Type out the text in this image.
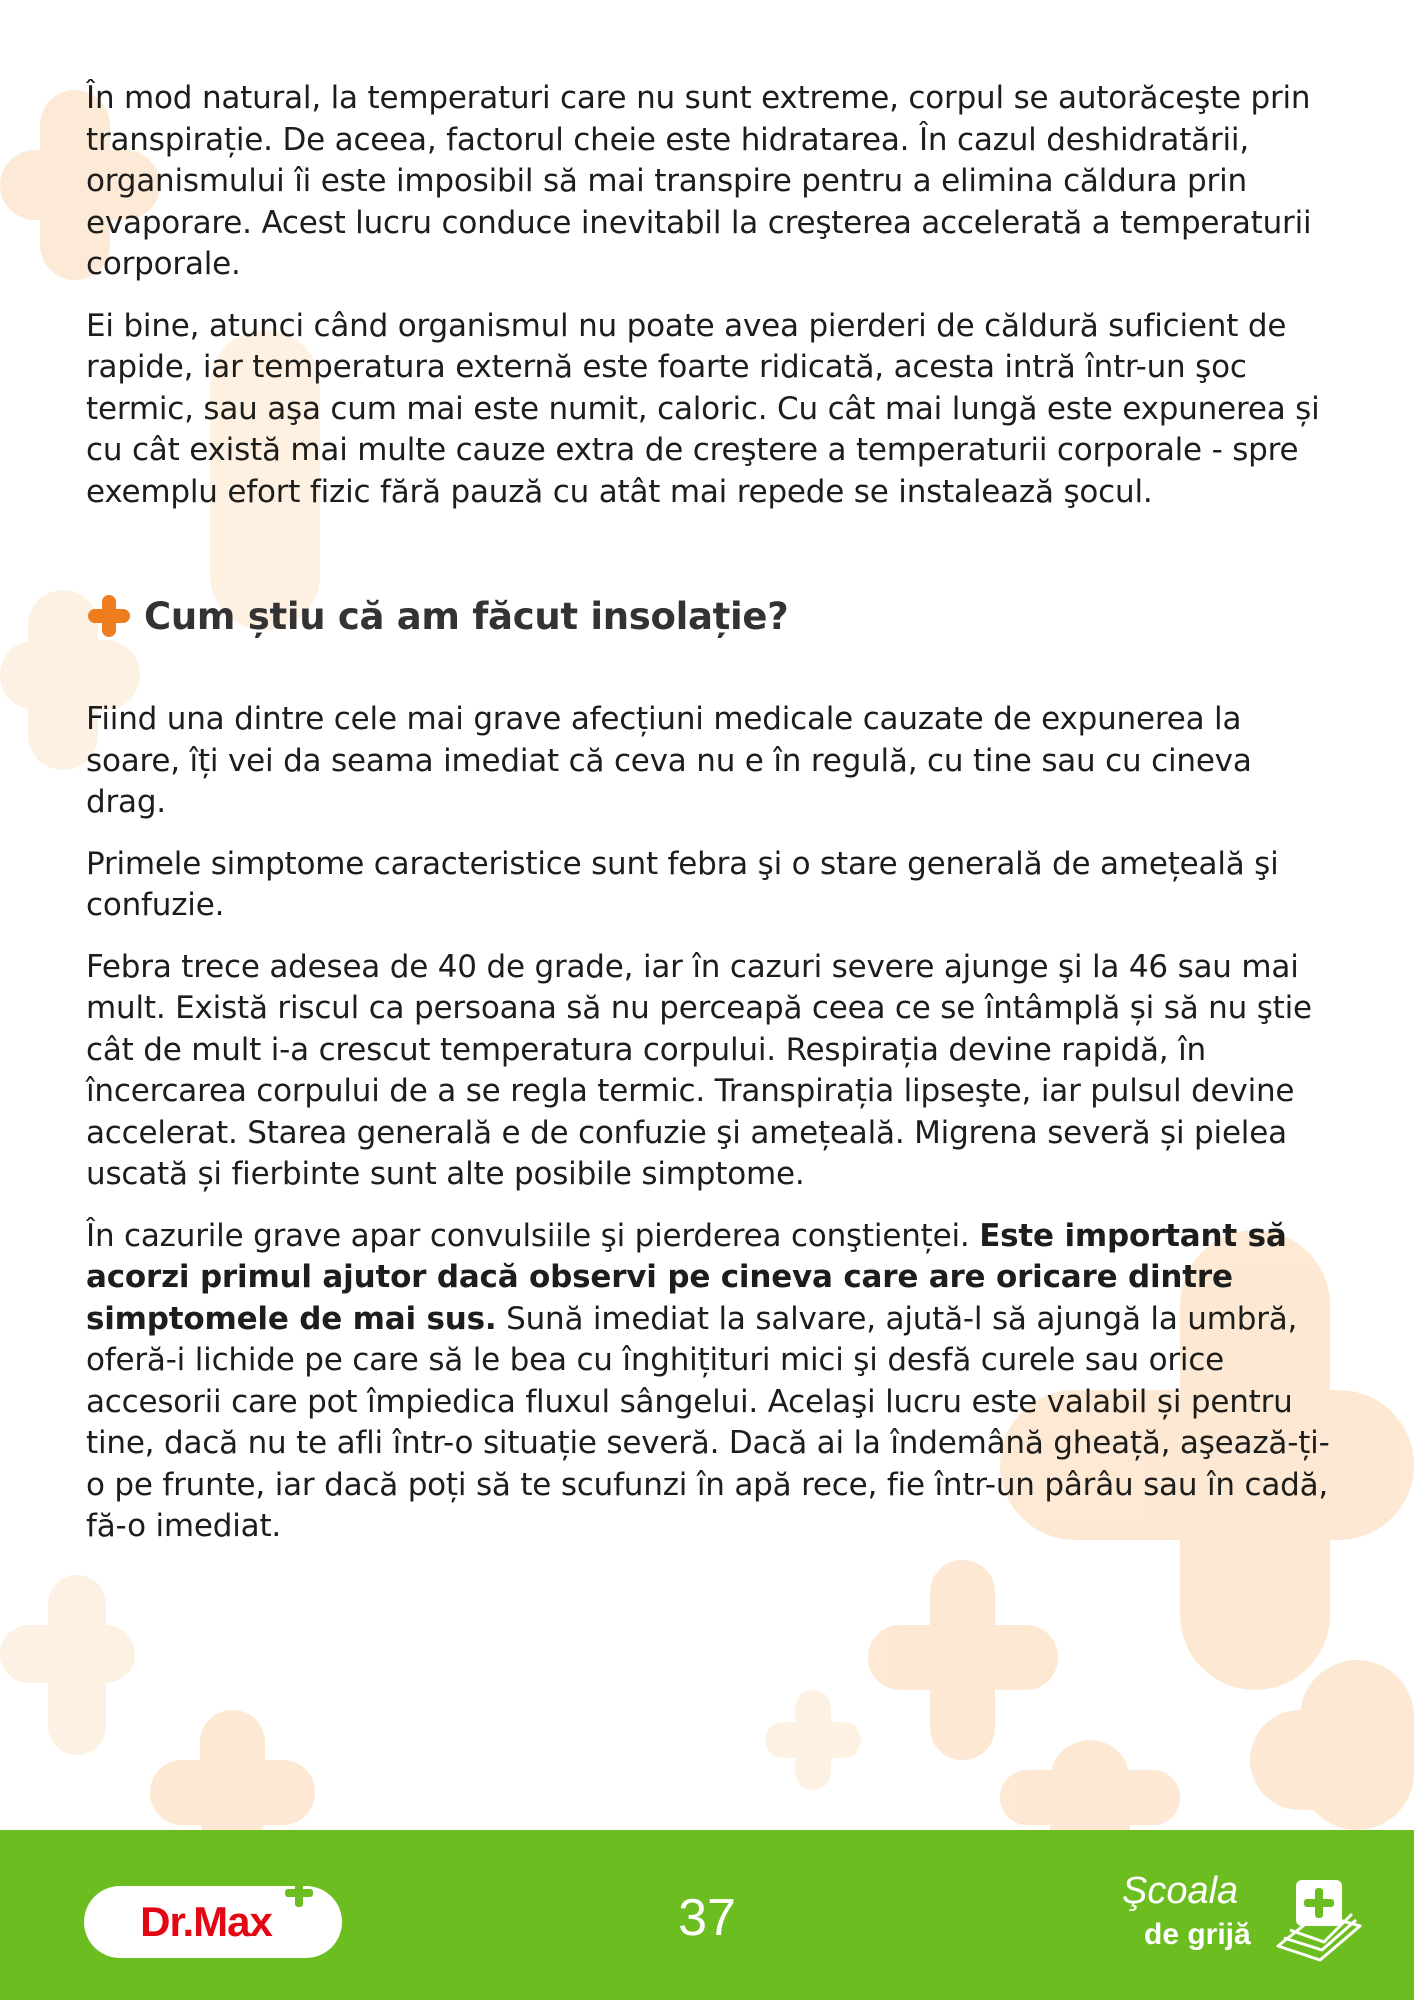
În mod natural, la temperaturi care nu sunt extreme, corpul se autorăceşte prin transpirație. De aceea, factorul cheie este hidratarea. În cazul deshidratării, organismului îi este imposibil să mai transpire pentru a elimina căldura prin evaporare. Acest lucru conduce inevitabil la creşterea accelerată a temperaturii corporale.

Ei bine, atunci când organismul nu poate avea pierderi de căldură suficient de rapide, iar temperatura externă este foarte ridicată, acesta intră într-un şoc termic, sau aşa cum mai este numit, caloric. Cu cât mai lungă este expunerea și cu cât există mai multe cauze extra de creştere a temperaturii corporale - spre exemplu efort fizic fără pauză cu atât mai repede se instalează şocul.

Cum știu că am făcut insolație?

Fiind una dintre cele mai grave afecțiuni medicale cauzate de expunerea la soare, îți vei da seama imediat că ceva nu e în regulă, cu tine sau cu cineva drag.

Primele simptome caracteristice sunt febra şi o stare generală de amețeală şi confuzie.

Febra trece adesea de 40 de grade, iar în cazuri severe ajunge şi la 46 sau mai mult. Există riscul ca persoana să nu perceapă ceea ce se întâmplă și să nu ştie cât de mult i-a crescut temperatura corpului. Respirația devine rapidă, în încercarea corpului de a se regla termic. Transpirația lipseşte, iar pulsul devine accelerat. Starea generală e de confuzie şi amețeală. Migrena severă și pielea uscată și fierbinte sunt alte posibile simptome.

În cazurile grave apar convulsiile şi pierderea conştienței. Este important să acorzi primul ajutor dacă observi pe cineva care are oricare dintre simptomele de mai sus. Sună imediat la salvare, ajută-l să ajungă la umbră, oferă-i lichide pe care să le bea cu înghițituri mici şi desfă curele sau orice accesorii care pot împiedica fluxul sângelui. Acelaşi lucru este valabil și pentru tine, dacă nu te afli într-o situație severă. Dacă ai la îndemână gheață, aşează-ți-o pe frunte, iar dacă poți să te scufunzi în apă rece, fie într-un pârâu sau în cadă, fă-o imediat.

Dr.Max	37	Şcoala
de grijă
